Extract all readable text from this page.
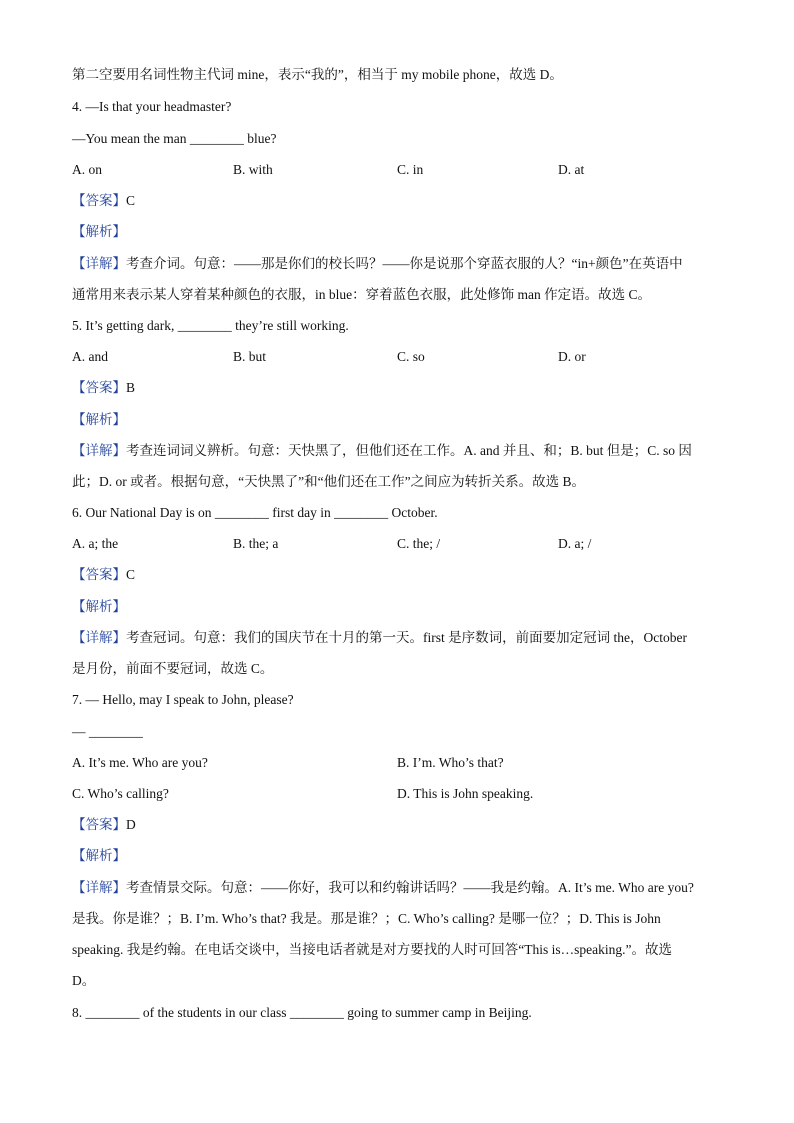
第二空要用名词性物主代词 mine，表示“我的”，相当于 my mobile phone，故选 D。
4. —Is that your headmaster?
—You mean the man ________ blue?
A. on	B. with	C. in	D. at
【答案】C
【解析】
【详解】考查介词。句意：——那是你们的校长吗？——你是说那个穿蓝衣服的人？“in+颜色”在英语中
通常用来表示某人穿着某种颜色的衣服，in blue：穿着蓝色衣服，此处修饰 man 作定语。故选 C。
5. It’s getting dark, ________ they’re still working.
A. and	B. but	C. so	D. or
【答案】B
【解析】
【详解】考查连词词义辨析。句意：天快黑了，但他们还在工作。A. and 并且、和；B. but 但是；C. so 因
此；D. or 或者。根据句意，“天快黑了”和“他们还在工作”之间应为转折关系。故选 B。
6. Our National Day is on ________ first day in ________ October.
A. a; the	B. the; a	C. the; /	D. a; /
【答案】C
【解析】
【详解】考查冠词。句意：我们的国庆节在十月的第一天。first 是序数词，前面要加定冠词 the，October
是月份，前面不要冠词，故选 C。
7. — Hello, may I speak to John, please?
— ________
A. It’s me. Who are you?	B. I’m. Who’s that?
C. Who’s calling?	D. This is John speaking.
【答案】D
【解析】
【详解】考查情景交际。句意：——你好，我可以和约翰讲话吗？——我是约翰。A. It’s me. Who are you?
是我。你是谁？；B. I’m. Who’s that? 我是。那是谁？；C. Who’s calling? 是哪一位？；D. This is John
speaking. 我是约翰。在电话交谈中，当接电话者就是对方要找的人时可回答“This is…speaking.”。故选
D。
8. ________ of the students in our class ________ going to summer camp in Beijing.
